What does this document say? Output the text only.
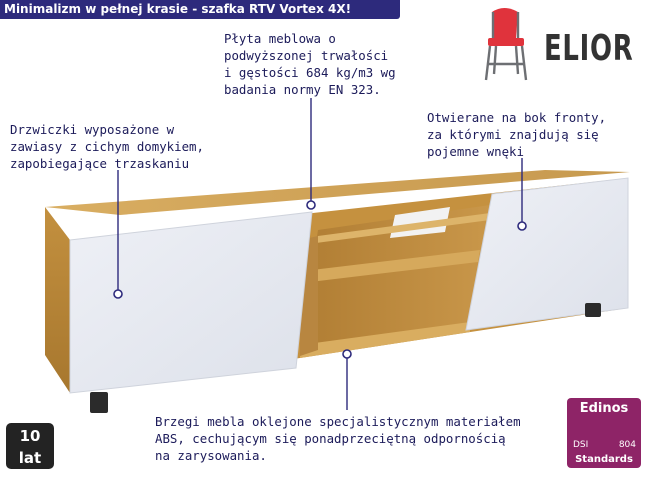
Minimalizm w pełnej krasie - szafka RTV Vortex 4X!
Płyta meblowa o
podwyższonej trwałości
i gęstości 684 kg/m3 wg
badania normy EN 323.
Drzwiczki wyposażone w
zawiasy z cichym domykiem,
zapobiegające trzaskaniu
Otwierane na bok fronty,
za którymi znajdują się
pojemne wnęki
Brzegi mebla oklejone specjalistycznym materiałem
ABS, cechującym się ponadprzeciętną odpornością
na zarysowania.
ELIOR
10 lat
Gwarancji
Edinos
DSI	804
Standards
